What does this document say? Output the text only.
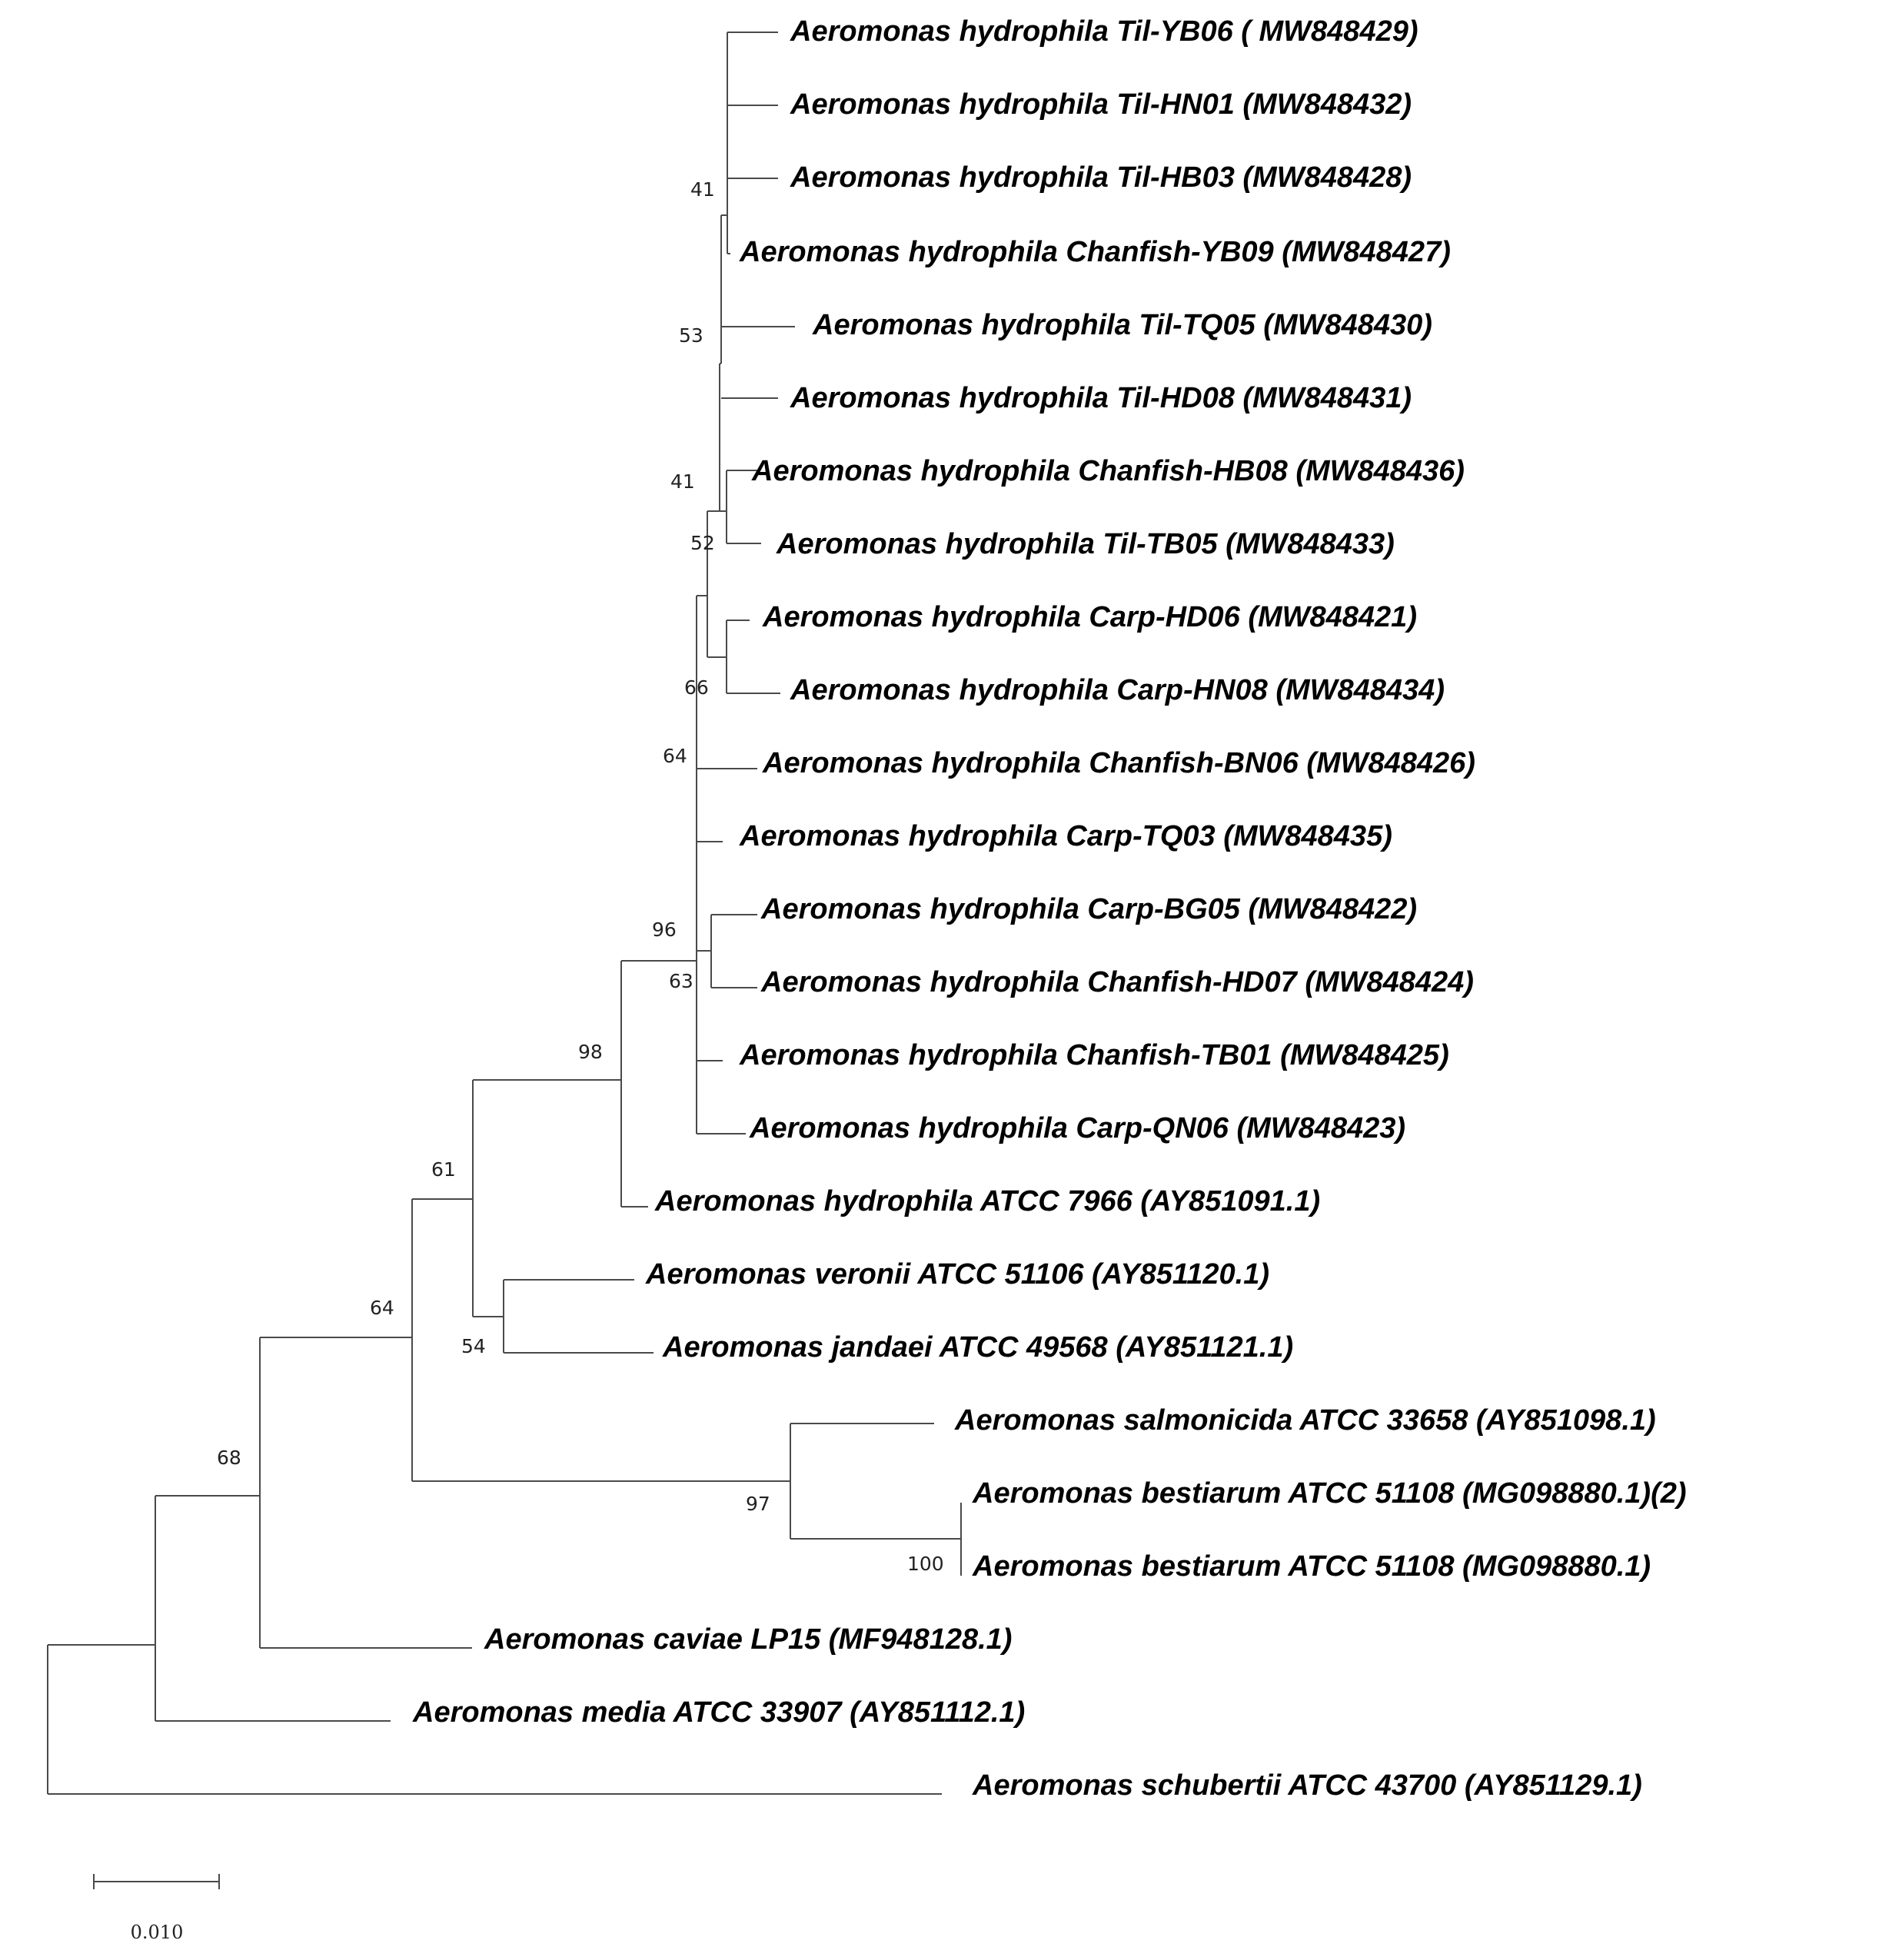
Aeromonas hydrophila Til-YB06 ( MW848429)
Aeromonas hydrophila Til-HN01 (MW848432)
Aeromonas hydrophila Til-HB03 (MW848428)
Aeromonas hydrophila Chanfish-YB09 (MW848427)
Aeromonas hydrophila Til-TQ05 (MW848430)
Aeromonas hydrophila Til-HD08 (MW848431)
Aeromonas hydrophila Chanfish-HB08 (MW848436)
Aeromonas hydrophila Til-TB05 (MW848433)
Aeromonas hydrophila Carp-HD06 (MW848421)
Aeromonas hydrophila Carp-HN08 (MW848434)
Aeromonas hydrophila Chanfish-BN06 (MW848426)
Aeromonas hydrophila Carp-TQ03 (MW848435)
Aeromonas hydrophila Carp-BG05 (MW848422)
Aeromonas hydrophila Chanfish-HD07 (MW848424)
Aeromonas hydrophila Chanfish-TB01 (MW848425)
Aeromonas hydrophila Carp-QN06 (MW848423)
Aeromonas hydrophila ATCC 7966 (AY851091.1)
Aeromonas veronii ATCC 51106 (AY851120.1)
Aeromonas jandaei ATCC 49568 (AY851121.1)
Aeromonas salmonicida ATCC 33658 (AY851098.1)
Aeromonas bestiarum ATCC 51108 (MG098880.1)(2)
Aeromonas bestiarum ATCC 51108 (MG098880.1)
Aeromonas caviae LP15 (MF948128.1)
Aeromonas media ATCC 33907 (AY851112.1)
Aeromonas schubertii ATCC 43700 (AY851129.1)
41
53
41
52
66
64
96
63
98
61
54
64
97
100
68
0.010
